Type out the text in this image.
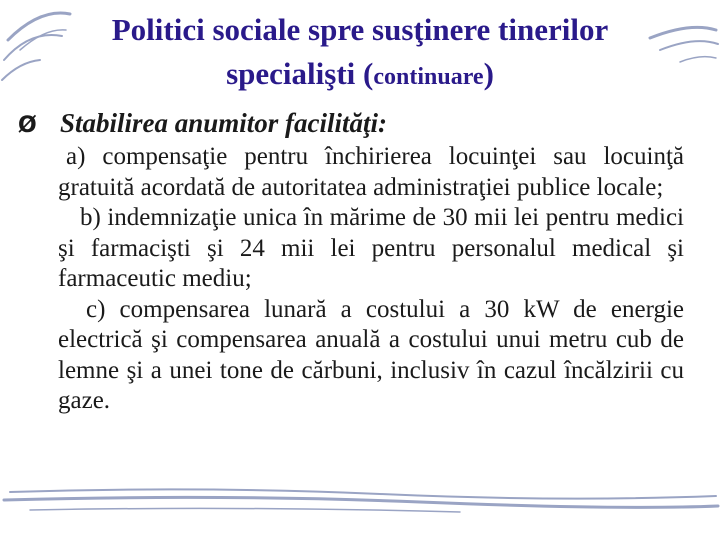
Politici sociale spre susţinere tinerilor
specialişti (continuare)
Ø Stabilirea anumitor facilităţi:

a) compensaţie pentru închirierea locuinţei sau locuinţă gratuită acordată de autoritatea administraţiei publice locale;

b) indemnizaţie unica în mărime de 30 mii lei pentru medici şi farmacişti şi 24 mii lei pentru personalul medical şi farmaceutic mediu;

c) compensarea lunară a costului a 30 kW de energie electrică şi compensarea anuală a costului unui metru cub de lemne şi a unei tone de cărbuni, inclusiv în cazul încălzirii cu gaze.
